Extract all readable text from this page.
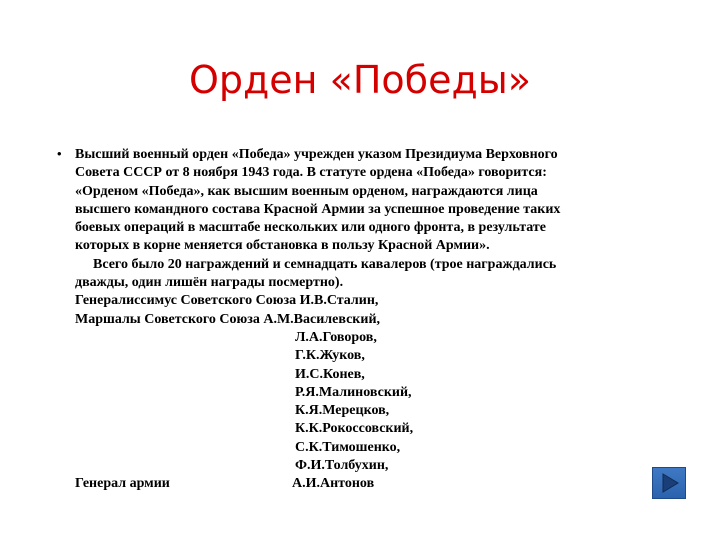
Орден «Победы»
• Высший военный орден «Победа» учрежден указом Президиума Верховного
Совета СССР от 8 ноября 1943 года. В статуте ордена «Победа» говорится:
«Орденом «Победа», как высшим военным орденом, награждаются лица
высшего командного состава Красной Армии за успешное проведение таких
боевых операций в масштабе нескольких или одного фронта, в результате
которых в корне меняется обстановка в пользу Красной Армии».
Всего было 20 награждений и семнадцать кавалеров (трое награждались
дважды, один лишён награды посмертно).
Генералиссимус Советского Союза И.В.Сталин,
Маршалы Советского Союза А.М.Василевский,
Л.А.Говоров,
Г.К.Жуков,
И.С.Конев,
Р.Я.Малиновский,
К.Я.Мерецков,
К.К.Рокоссовский,
С.К.Тимошенко,
Ф.И.Толбухин,
Генерал армии	А.И.Антонов
